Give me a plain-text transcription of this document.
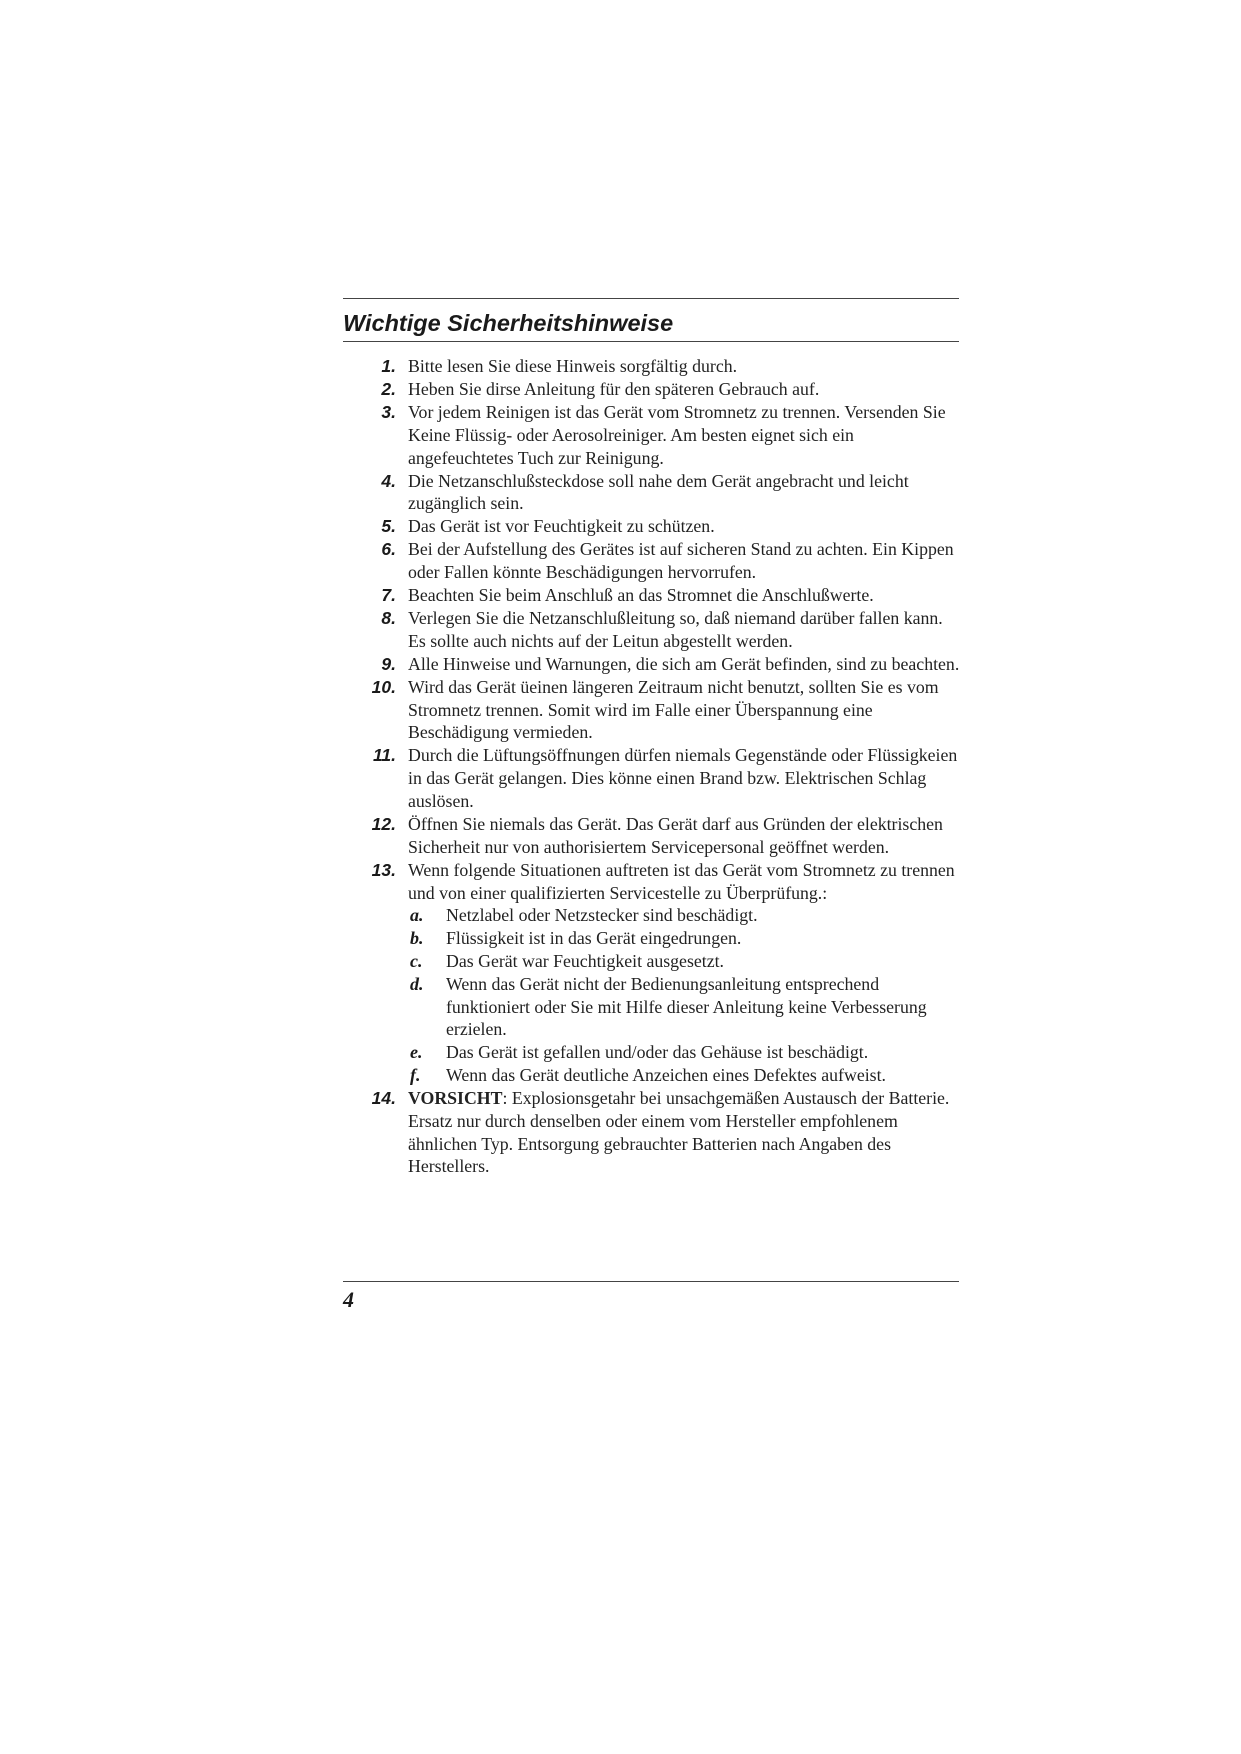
Wichtige Sicherheitshinweise
1. Bitte lesen Sie diese Hinweis sorgfältig durch.
2. Heben Sie dirse Anleitung für den späteren Gebrauch auf.
3. Vor jedem Reinigen ist das Gerät vom Stromnetz zu trennen. Versenden Sie Keine Flüssig- oder Aerosolreiniger. Am besten eignet sich ein angefeuchtetes Tuch zur Reinigung.
4. Die Netzanschlußsteckdose soll nahe dem Gerät angebracht und leicht zugänglich sein.
5. Das Gerät ist vor Feuchtigkeit zu schützen.
6. Bei der Aufstellung des Gerätes ist auf sicheren Stand zu achten. Ein Kippen oder Fallen könnte Beschädigungen hervorrufen.
7. Beachten Sie beim Anschluß an das Stromnet die Anschlußwerte.
8. Verlegen Sie die Netzanschlußleitung so, daß niemand darüber fallen kann. Es sollte auch nichts auf der Leitun abgestellt werden.
9. Alle Hinweise und Warnungen, die sich am Gerät befinden, sind zu beachten.
10. Wird das Gerät üeinen längeren Zeitraum nicht benutzt, sollten Sie es vom Stromnetz trennen. Somit wird im Falle einer Überspannung eine Beschädigung vermieden.
11. Durch die Lüftungsöffnungen dürfen niemals Gegenstände oder Flüssigkeien in das Gerät gelangen. Dies könne einen Brand bzw. Elektrischen Schlag auslösen.
12. Öffnen Sie niemals das Gerät. Das Gerät darf aus Gründen der elektrischen Sicherheit nur von authorisiertem Servicepersonal geöffnet werden.
13. Wenn folgende Situationen auftreten ist das Gerät vom Stromnetz zu trennen und von einer qualifizierten Servicestelle zu Überprüfung.:
a.	Netzlabel oder Netzstecker sind beschädigt.
b.	Flüssigkeit ist in das Gerät eingedrungen.
c.	Das Gerät war Feuchtigkeit ausgesetzt.
d.	Wenn das Gerät nicht der Bedienungsanleitung entsprechend funktioniert oder Sie mit Hilfe dieser Anleitung keine Verbesserung erzielen.
e.	Das Gerät ist gefallen und/oder das Gehäuse ist beschädigt.
f.	Wenn das Gerät deutliche Anzeichen eines Defektes aufweist.
14. VORSICHT: Explosionsgetahr bei unsachgemäßen Austausch der Batterie. Ersatz nur durch denselben oder einem vom Hersteller empfohlenem ähnlichen Typ. Entsorgung gebrauchter Batterien nach Angaben des Herstellers.
4
